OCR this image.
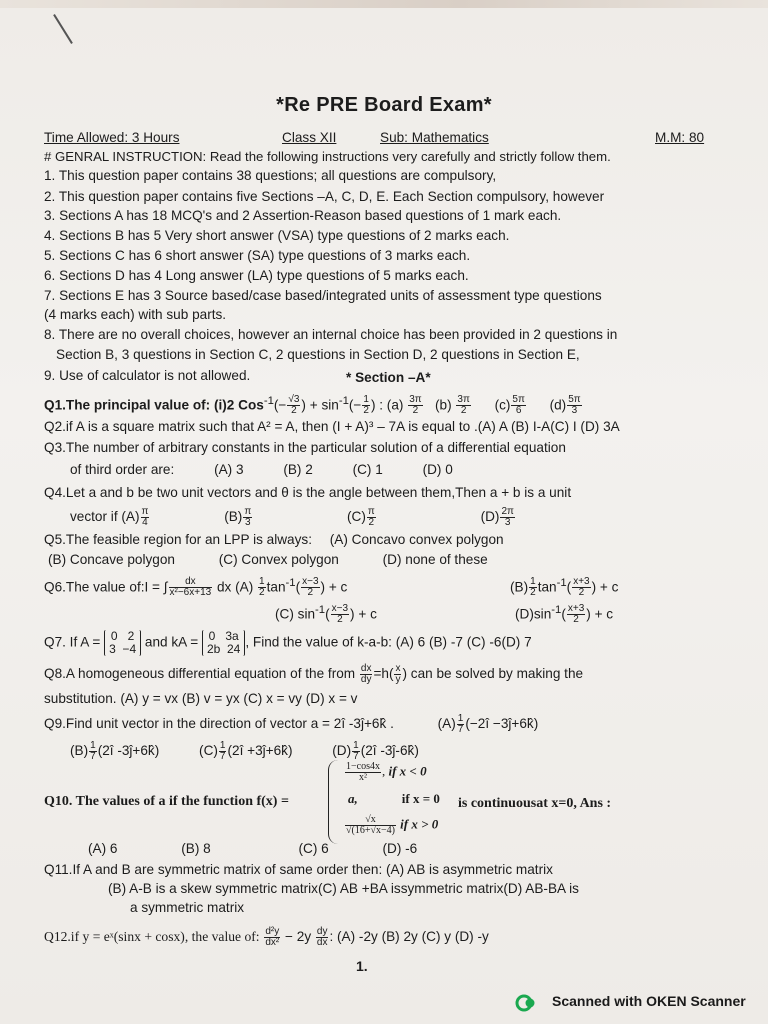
*Re PRE Board Exam*
Time Allowed: 3 Hours	Class XII	Sub: Mathematics	M.M: 80
# GENRAL INSTRUCTION: Read the following instructions very carefully and strictly follow them.
1. This question paper contains 38 questions; all questions are compulsory,
2. This question paper contains five Sections –A, C, D, E. Each Section compulsory, however
3. Sections A has 18 MCQ's and 2 Assertion-Reason based questions of 1 mark each.
4. Sections B has 5 Very short answer (VSA) type questions of 2 marks each.
5. Sections C has 6 short answer (SA) type questions of 3 marks each.
6. Sections D has 4 Long answer (LA) type questions of 5 marks each.
7. Sections E has 3 Source based/case based/integrated units of assessment type questions
(4 marks each) with sub parts.
8. There are no overall choices, however an internal choice has been provided in 2 questions in
Section B, 3 questions in Section C, 2 questions in Section D, 2 questions in Section E,
9. Use of calculator is not allowed.	* Section –A*
Q1.The principal value of: (i)2 $Cos^{-1}(- \frac{√3}{2}$ ) + $\sin^{-1}(- \frac{1}{2}$ ) : $(a) \frac{3\pi}{2} (b) \frac{3\pi}{2} (c) \frac{5\pi}{6} (d) \frac{5\pi}{3}$
Q2.if A is a square matrix such that A² = A, then (I + A)³ – 7A is equal to .(A) A (B) I-A(C) I (D) 3A
Q3.The number of arbitrary constants in the particular solution of a differential equation
of third order are:	(A) 3	(B) 2	(C) 1	(D) 0
Q4.Let a and b be two unit vectors and θ is the angle between them,Then a + b is a unit
vector if $(A) \frac{\pi}{4}$	$(B) \frac{\pi}{3}$	$(C) \frac{\pi}{2}$	$(D) \frac{2\pi}{3}$
Q5.The feasible region for an LPP is always: (A) Concavo convex polygon
(B) Concave polygon	(C) Convex polygon	(D) none of these
Q6.The value of:I = ∫ $\frac{dx}{\text{x²−6x+13}}$ dx $(A) \frac{1}{2} \tan^{-1}( \frac{x-3}{2}$ ) + c	$(B) \frac{1}{2} \tan^{-1}( \frac{x+3}{2}$ ) + c
(C) $\sin^{-1}( \frac{x-3}{2}$ ) + c	$(D)\sin^{-1}( \frac{x+3}{2}$ ) + c
Q7. If A = 0   2
3  −4 and kA = 0   3a
2b  24 , Find the value of k-a-b: (A) 6 (B) -7 (C) -6(D) 7
Q8.A homogeneous differential equation of the from $\frac{dx}{dy} =h( \frac{x}{y}$ ) can be solved by making the
substitution. (A) y = vx (B) v = yx (C) x = vy (D) x = v
Q9.Find unit vector in the direction of vector a = 2î -3ĵ+6k̂ .	$(A) \frac{1}{7}$ (−2î −3ĵ+6k̂)
$(B) \frac{1}{7}$ (2î -3ĵ+6k̂)	$(C) \frac{1}{7}$ (2î +3ĵ+6k̂)	$(D) \frac{1}{7}$ (2î -3ĵ-6k̂)
Q10. The values of a if the function f(x) =
$\frac{1-\cos 4x}{\text{x²}}$ , if x < 0
a,	if x = 0
$\frac{√x}{√(16+√x-4)}$ if x > 0
is continuousat x=0, Ans :
(A) 6	(B) 8	(C) 6	(D) -6
Q11.If A and B are symmetric matrix of same order then: (A) AB is asymmetric matrix
(B) A-B is a skew symmetric matrix(C) AB +BA issymmetric matrix(D) AB-BA is
a symmetric matrix
Q12.if y = eˣ(sinx + cosx), the value of: $\frac{\text{d²y}}{\text{dx²}} - 2y \frac{dy}{dx}$ : (A) -2y (B) 2y (C) y (D) -y
1.
Scanned with OKEN Scanner
